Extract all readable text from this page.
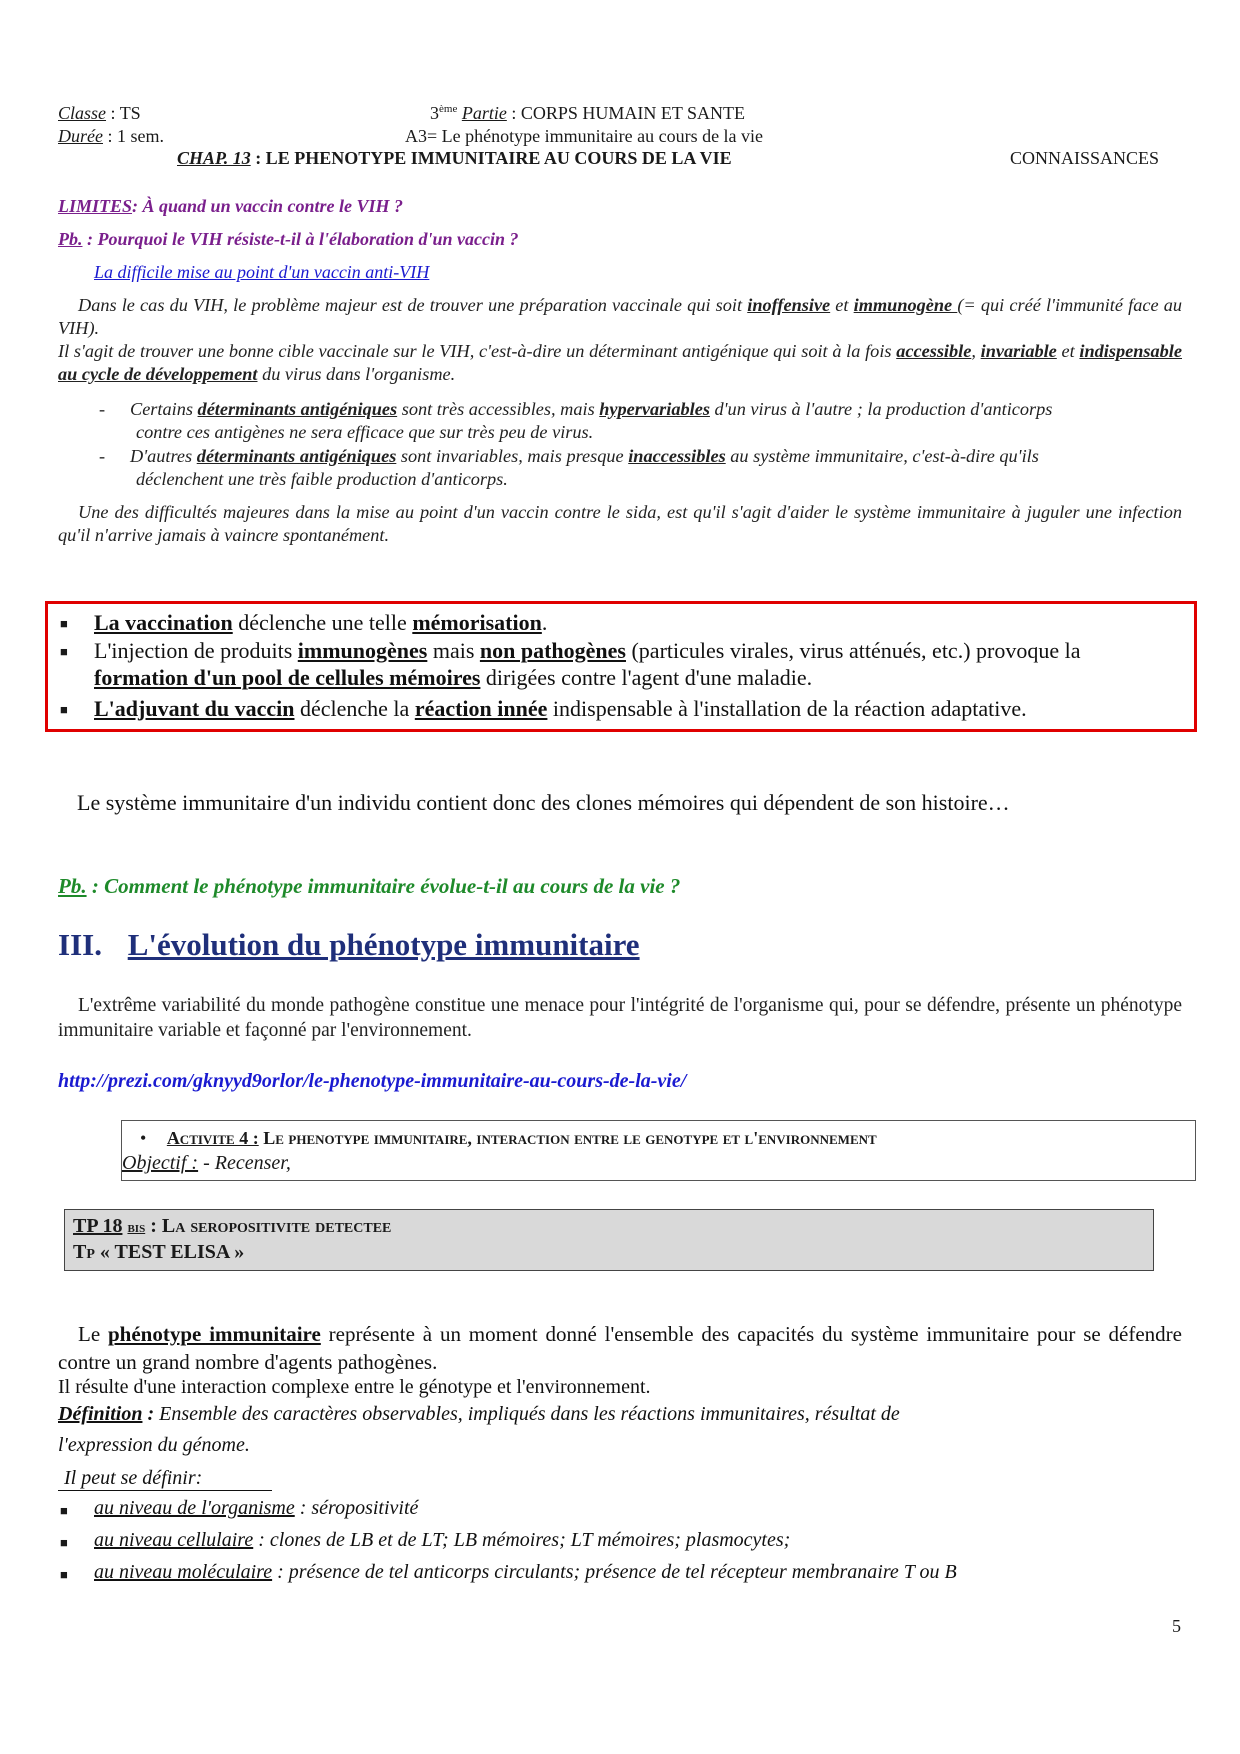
Classe : TS
Durée : 1 sem.
3ème Partie : CORPS HUMAIN ET SANTE
A3= Le phénotype immunitaire au cours de la vie
CHAP. 13 : LE PHENOTYPE IMMUNITAIRE AU COURS DE LA VIE	CONNAISSANCES
LIMITES: À quand un vaccin contre le VIH ?
Pb. : Pourquoi le VIH résiste-t-il à l'élaboration d'un vaccin ?
La difficile mise au point d'un vaccin anti-VIH
Dans le cas du VIH, le problème majeur est de trouver une préparation vaccinale qui soit inoffensive et immunogène (= qui créé l'immunité face au VIH).
Il s'agit de trouver une bonne cible vaccinale sur le VIH, c'est-à-dire un déterminant antigénique qui soit à la fois accessible, invariable et indispensable au cycle de développement du virus dans l'organisme.
- Certains déterminants antigéniques sont très accessibles, mais hypervariables d'un virus à l'autre ; la production d'anticorps
contre ces antigènes ne sera efficace que sur très peu de virus.
- D'autres déterminants antigéniques sont invariables, mais presque inaccessibles au système immunitaire, c'est-à-dire qu'ils
déclenchent une très faible production d'anticorps.
Une des difficultés majeures dans la mise au point d'un vaccin contre le sida, est qu'il s'agit d'aider le système immunitaire à juguler une infection qu'il n'arrive jamais à vaincre spontanément.
■ La vaccination déclenche une telle mémorisation.
■ L'injection de produits immunogènes mais non pathogènes (particules virales, virus atténués, etc.) provoque la
formation d'un pool de cellules mémoires dirigées contre l'agent d'une maladie.
■ L'adjuvant du vaccin déclenche la réaction innée indispensable à l'installation de la réaction adaptative.
Le système immunitaire d'un individu contient donc des clones mémoires qui dépendent de son histoire…
Pb. : Comment le phénotype immunitaire évolue-t-il au cours de la vie ?
III. L'évolution du phénotype immunitaire
L'extrême variabilité du monde pathogène constitue une menace pour l'intégrité de l'organisme qui, pour se défendre, présente un phénotype immunitaire variable et façonné par l'environnement.
http://prezi.com/gknyyd9orlor/le-phenotype-immunitaire-au-cours-de-la-vie/
• Activite 4 : Le phenotype immunitaire, interaction entre le genotype et l'environnement
Objectif : - Recenser,
TP 18 bis : La seropositivite detectee
Tp « TEST ELISA »
Le phénotype immunitaire représente à un moment donné l'ensemble des capacités du système immunitaire pour se défendre contre un grand nombre d'agents pathogènes.
Il résulte d'une interaction complexe entre le génotype et l'environnement.
Définition : Ensemble des caractères observables, impliqués dans les réactions immunitaires, résultat de
l'expression du génome.
Il peut se définir:
■ au niveau de l'organisme : séropositivité
■ au niveau cellulaire : clones de LB et de LT; LB mémoires; LT mémoires; plasmocytes;
■ au niveau moléculaire : présence de tel anticorps circulants; présence de tel récepteur membranaire T ou B
5
